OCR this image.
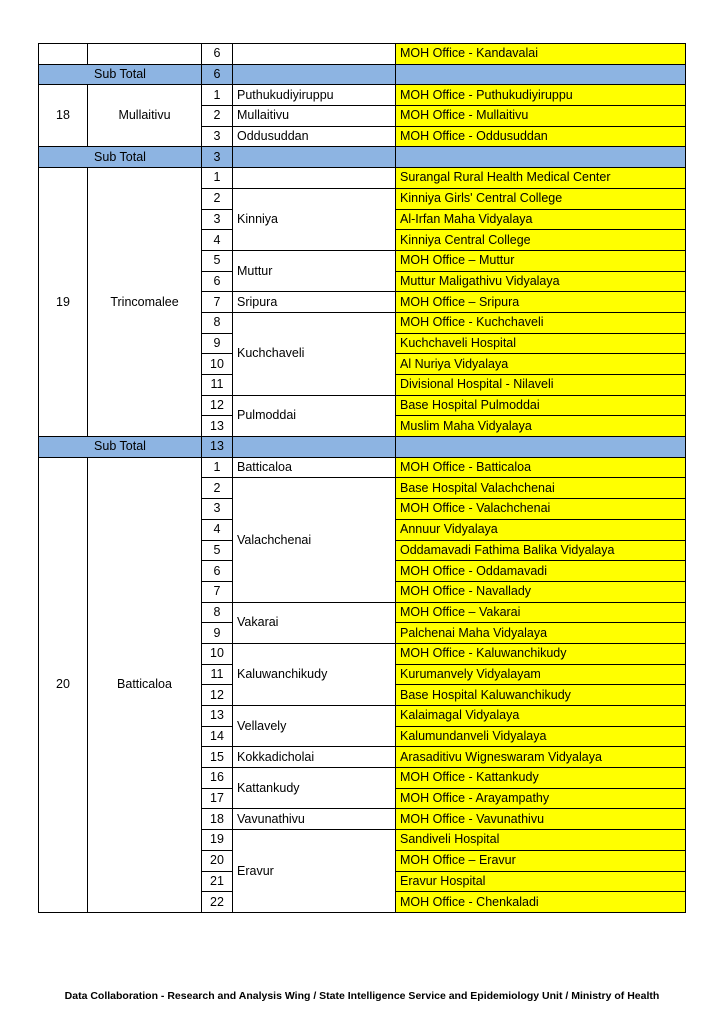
		6		MOH Office - Kandavalai
Sub Total		6		
18	Mullaitivu	1	Puthukudiyiruppu	MOH Office - Puthukudiyiruppu
		2	Mullaitivu	MOH Office - Mullaitivu
		3	Oddusuddan	MOH Office - Oddusuddan
Sub Total		3		
19	Trincomalee	1		Surangal Rural Health Medical Center
		2	Kinniya	Kinniya Girls' Central College
		3		Al-Irfan Maha Vidyalaya
		4		Kinniya Central College
		5	Muttur	MOH Office – Muttur
		6		Muttur Maligathivu Vidyalaya
		7	Sripura	MOH Office – Sripura
		8	Kuchchaveli	MOH Office - Kuchchaveli
		9		Kuchchaveli Hospital
		10		Al Nuriya Vidyalaya
		11		Divisional Hospital - Nilaveli
		12	Pulmoddai	Base Hospital Pulmoddai
		13		Muslim Maha Vidyalaya
Sub Total		13		
20	Batticaloa	1	Batticaloa	MOH Office - Batticaloa
		2	Valachchenai	Base Hospital Valachchenai
		3		MOH Office - Valachchenai
		4		Annuur Vidyalaya
		5		Oddamavadi Fathima Balika Vidyalaya
		6		MOH Office - Oddamavadi
		7		MOH Office - Navallady
		8	Vakarai	MOH Office – Vakarai
		9		Palchenai Maha Vidyalaya
		10	Kaluwanchikudy	MOH Office - Kaluwanchikudy
		11		Kurumanvely Vidyalayam
		12		Base Hospital Kaluwanchikudy
		13	Vellavely	Kalaimagal Vidyalaya
		14		Kalumundanveli Vidyalaya
		15	Kokkadicholai	Arasaditivu Wigneswaram Vidyalaya
		16	Kattankudy	MOH Office - Kattankudy
		17		MOH Office - Arayampathy
		18	Vavunathivu	MOH Office - Vavunathivu
		19	Eravur	Sandiveli Hospital
		20		MOH Office – Eravur
		21		Eravur Hospital
		22		MOH Office - Chenkaladi
Data Collaboration - Research and Analysis Wing / State Intelligence Service and Epidemiology Unit / Ministry of Health
